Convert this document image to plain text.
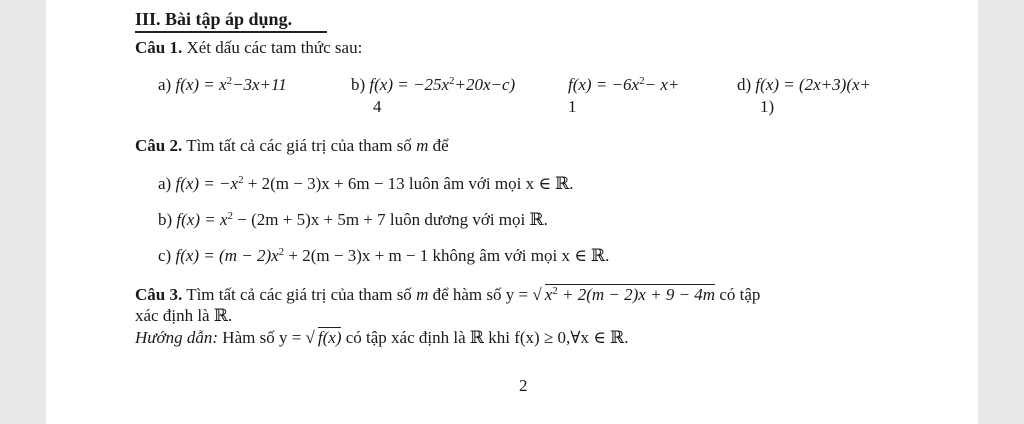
III. Bài tập áp dụng.
Câu 1. Xét dấu các tam thức sau:
a) $f(x) = x^2-3x+11$	b) $f(x) = -25x^2+20x-c$)
4
$f(x) = -6x^2- x+$
1
d) f(x) = (2x+3)(x+
1)
Câu 2. Tìm tất cả các giá trị của tham số m để
a) $f(x) = -x^2 + 2(m - 3)x + 6m - 13$ luôn âm với mọi x ∈ ℝ.
b) $f(x) = x^2 - (2m + 5)x + 5m + 7$ luôn dương với mọi ℝ.
c) $f(x) = (m - 2)x^2 + 2(m - 3)x + m - 1$ không âm với mọi x ∈ ℝ.
Câu 3. Tìm tất cả các giá trị của tham số m để hàm số y = √ $x^2 + 2(m - 2)x + 9 - 4m$ có tập
xác định là ℝ.
Hướng dẫn: Hàm số y = √ f(x) có tập xác định là ℝ khi f(x) ≥ 0,∀x ∈ ℝ.
2
